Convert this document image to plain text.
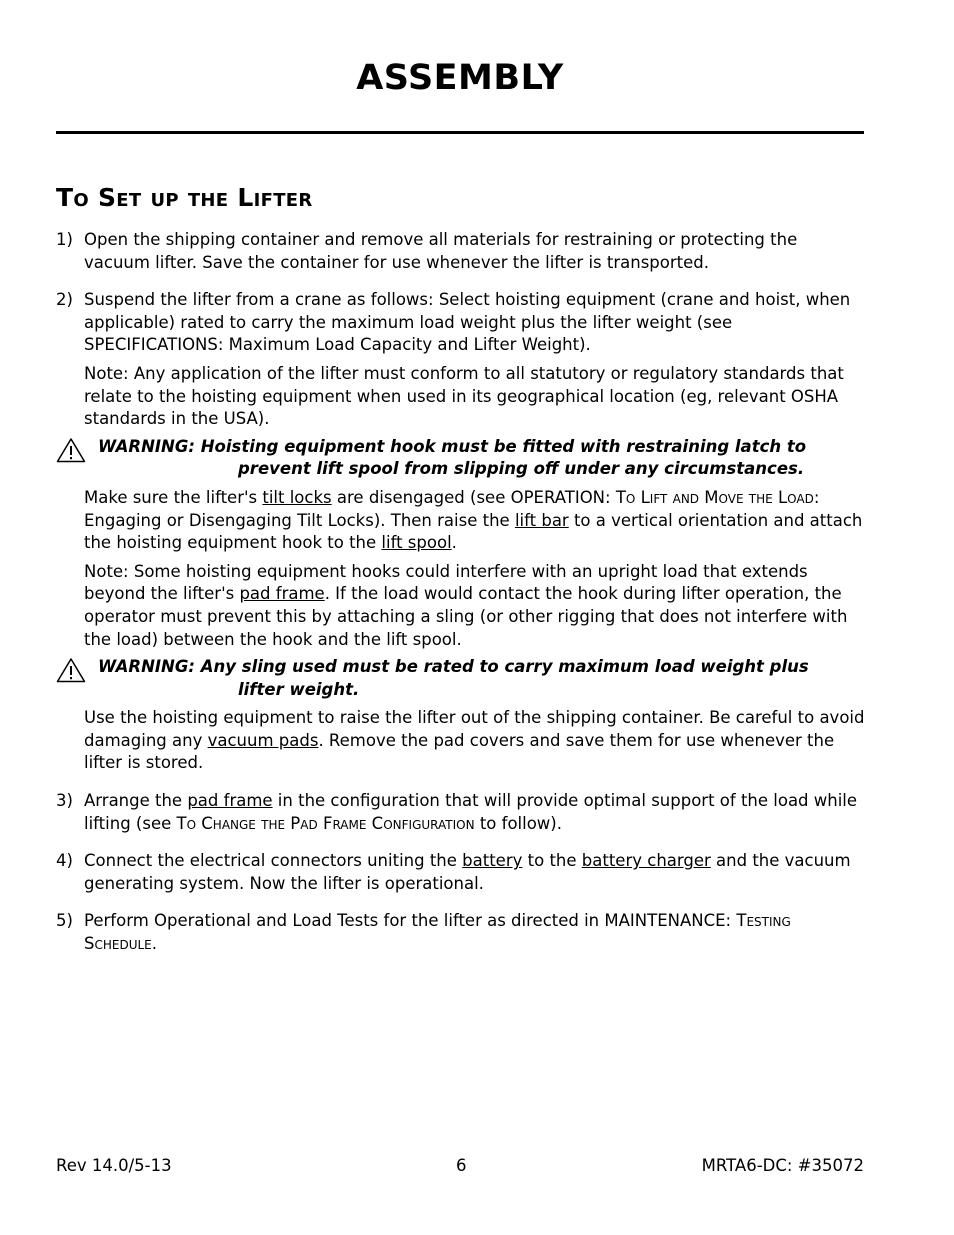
ASSEMBLY
To Set up the Lifter
1) Open the shipping container and remove all materials for restraining or protecting the vacuum lifter. Save the container for use whenever the lifter is transported.
2) Suspend the lifter from a crane as follows: Select hoisting equipment (crane and hoist, when applicable) rated to carry the maximum load weight plus the lifter weight (see SPECIFICATIONS: Maximum Load Capacity and Lifter Weight).
Note: Any application of the lifter must conform to all statutory or regulatory standards that relate to the hoisting equipment when used in its geographical location (eg, relevant OSHA standards in the USA).
WARNING: Hoisting equipment hook must be fitted with restraining latch to
prevent lift spool from slipping off under any circumstances.
Make sure the lifter's tilt locks are disengaged (see OPERATION: To Lift and Move the Load: Engaging or Disengaging Tilt Locks). Then raise the lift bar to a vertical orientation and attach the hoisting equipment hook to the lift spool.
Note: Some hoisting equipment hooks could interfere with an upright load that extends beyond the lifter's pad frame. If the load would contact the hook during lifter operation, the operator must prevent this by attaching a sling (or other rigging that does not interfere with the load) between the hook and the lift spool.
WARNING: Any sling used must be rated to carry maximum load weight plus
lifter weight.
Use the hoisting equipment to raise the lifter out of the shipping container. Be careful to avoid damaging any vacuum pads. Remove the pad covers and save them for use whenever the lifter is stored.
3) Arrange the pad frame in the configuration that will provide optimal support of the load while lifting (see To Change the Pad Frame Configuration to follow).
4) Connect the electrical connectors uniting the battery to the battery charger and the vacuum generating system. Now the lifter is operational.
5) Perform Operational and Load Tests for the lifter as directed in MAINTENANCE: Testing Schedule.
Rev 14.0/5-13	6	MRTA6-DC: #35072
